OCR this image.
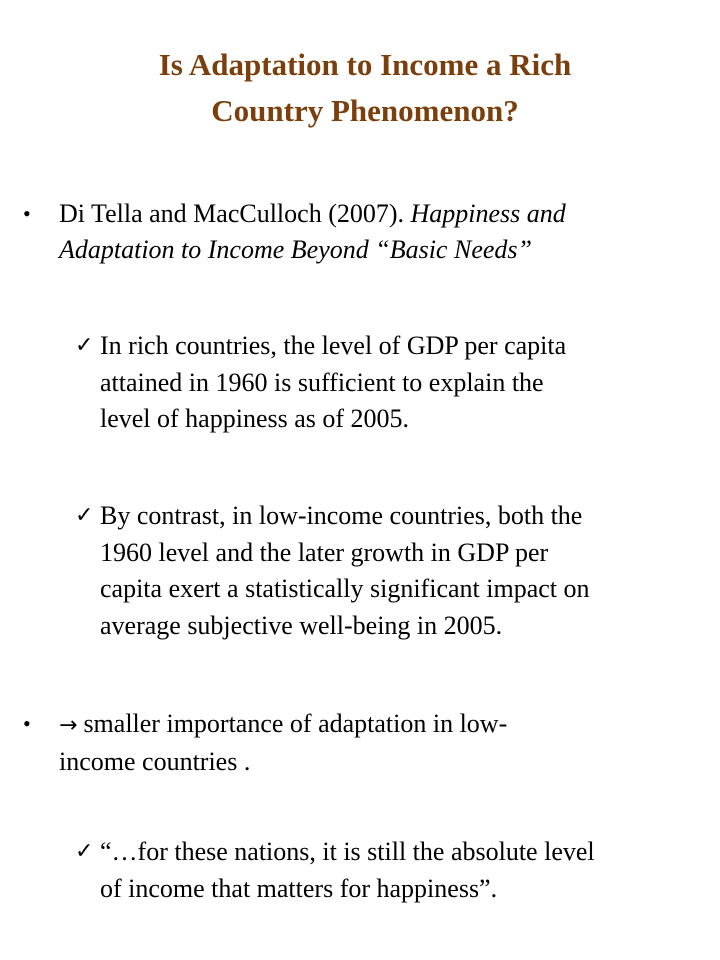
Is Adaptation to Income a Rich
Country Phenomenon?
• Di Tella and MacCulloch (2007). Happiness and
Adaptation to Income Beyond “Basic Needs”
✓ In rich countries, the level of GDP per capita
attained in 1960 is sufficient to explain the
level of happiness as of 2005.
✓ By contrast, in low-income countries, both the
1960 level and the later growth in GDP per
capita exert a statistically significant impact on
average subjective well-being in 2005.
• → smaller importance of adaptation in low-
income countries .
✓ “…for these nations, it is still the absolute level
of income that matters for happiness”.
